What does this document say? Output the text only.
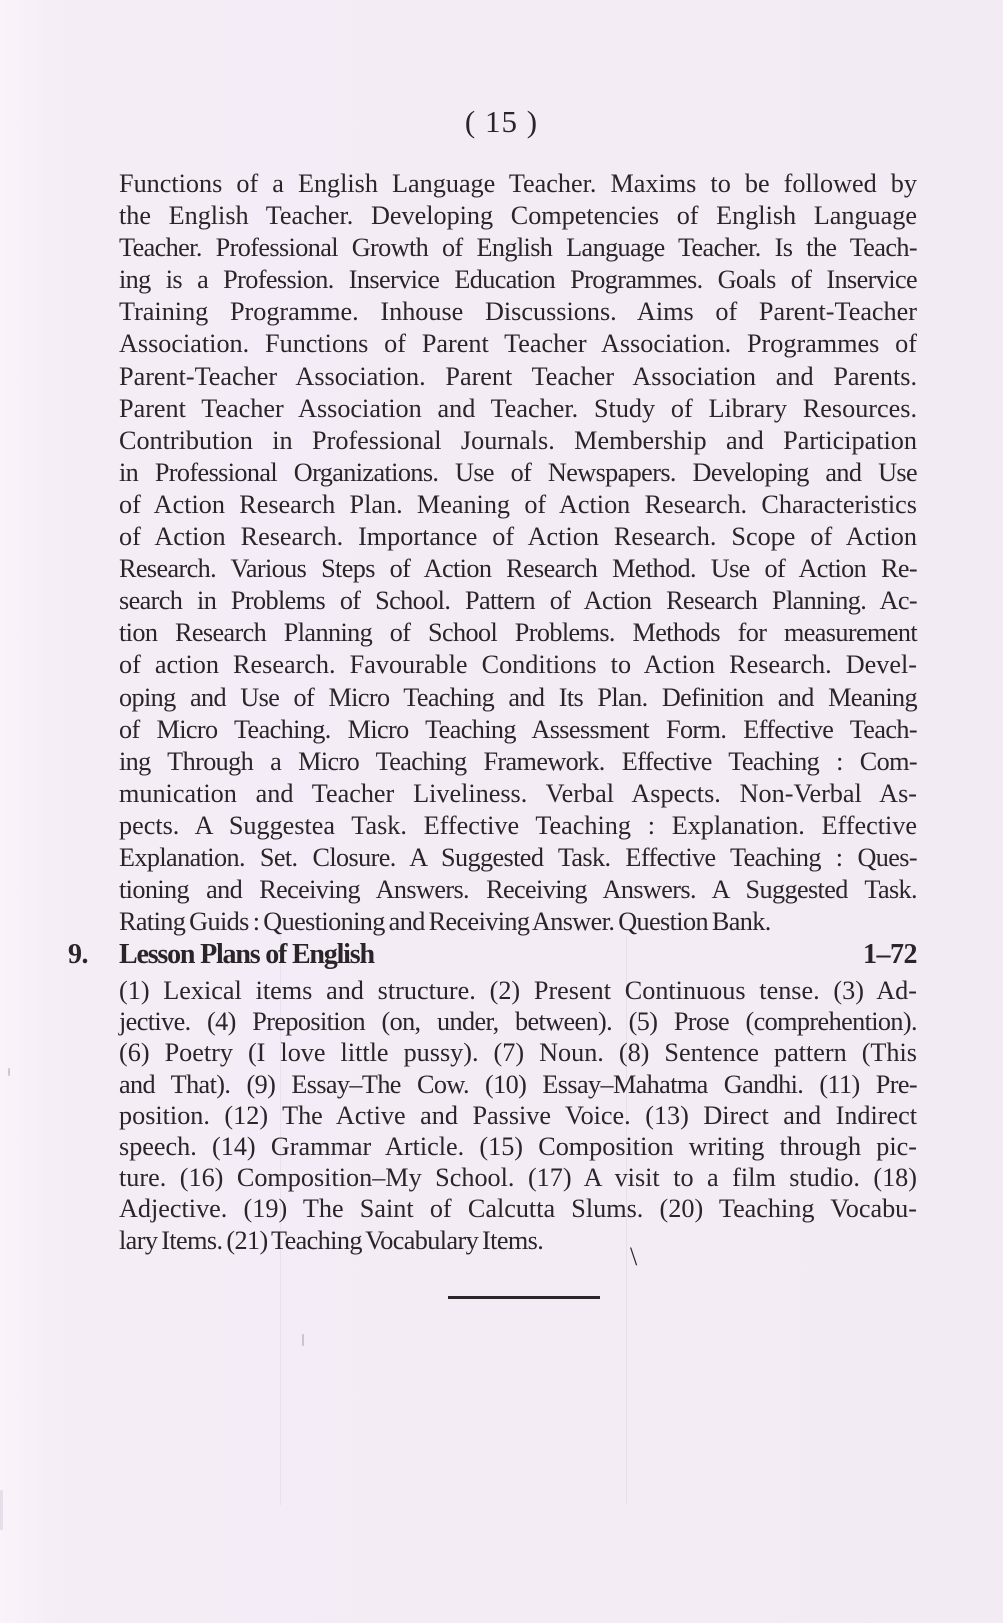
( 15 )
Functions of a English Language Teacher. Maxims to be followed by
the English Teacher. Developing Competencies of English Language
Teacher. Professional Growth of English Language Teacher. Is the Teach-
ing is a Profession. Inservice Education Programmes. Goals of Inservice
Training Programme. Inhouse Discussions. Aims of Parent-Teacher
Association. Functions of Parent Teacher Association. Programmes of
Parent-Teacher Association. Parent Teacher Association and Parents.
Parent Teacher Association and Teacher. Study of Library Resources.
Contribution in Professional Journals. Membership and Participation
in Professional Organizations. Use of Newspapers. Developing and Use
of Action Research Plan. Meaning of Action Research. Characteristics
of Action Research. Importance of Action Research. Scope of Action
Research. Various Steps of Action Research Method. Use of Action Re-
search in Problems of School. Pattern of Action Research Planning. Ac-
tion Research Planning of School Problems. Methods for measurement
of action Research. Favourable Conditions to Action Research. Devel-
oping and Use of Micro Teaching and Its Plan. Definition and Meaning
of Micro Teaching. Micro Teaching Assessment Form. Effective Teach-
ing Through a Micro Teaching Framework. Effective Teaching : Com-
munication and Teacher Liveliness. Verbal Aspects. Non-Verbal As-
pects. A Suggestea Task. Effective Teaching : Explanation. Effective
Explanation. Set. Closure. A Suggested Task. Effective Teaching : Ques-
tioning and Receiving Answers. Receiving Answers. A Suggested Task.
Rating Guids : Questioning and Receiving Answer. Question Bank.
9. Lesson Plans of English	1–72
(1) Lexical items and structure. (2) Present Continuous tense. (3) Ad-
jective. (4) Preposition (on, under, between). (5) Prose (comprehention).
(6) Poetry (I love little pussy). (7) Noun. (8) Sentence pattern (This
and That). (9) Essay–The Cow. (10) Essay–Mahatma Gandhi. (11) Pre-
position. (12) The Active and Passive Voice. (13) Direct and Indirect
speech. (14) Grammar Article. (15) Composition writing through pic-
ture. (16) Composition–My School. (17) A visit to a film studio. (18)
Adjective. (19) The Saint of Calcutta Slums. (20) Teaching Vocabu-
lary Items. (21) Teaching Vocabulary Items.
\
